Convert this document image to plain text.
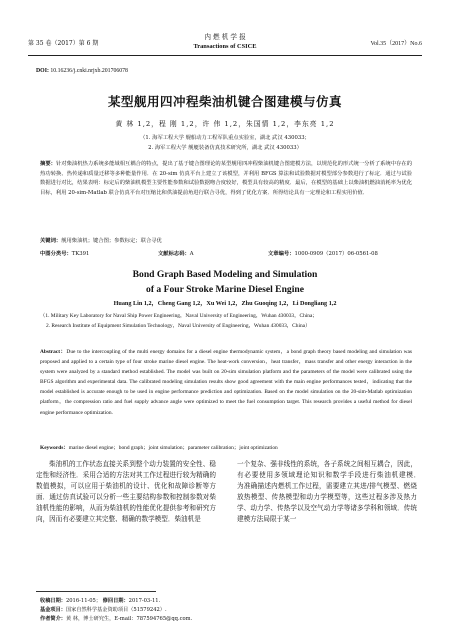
第 35 卷（2017）第 6 期
内 燃 机 学 报
Transactions of CSICE	Vol.35（2017）No.6
DOI: 10.16236/j.cnki.nrjxb.201706078
某型舰用四冲程柴油机键合图建模与仿真
黄 林 1,2，程 刚 1,2，许 伟 1,2，朱国情 1,2，李东亮 1,2
（1. 海军工程大学 舰船动力工程军队重点实验室，湖北 武汉 430033；
2. 海军工程大学 舰艇装备仿真技术研究所，湖北 武汉 430033）
摘要：针对柴油机热力系统多能域相互耦合的特点，提出了基于键合图理论的某型舰用四冲程柴油机键合图建模方法，以规范化的形式统一分析了系统中存在的热功转换、热传递和质量迁移等多种能量作用．在 20-sim 仿真平台上建立了该模型，并利用 BFGS 算法和试验数据对模型部分参数进行了标定．通过与试验数据进行对比，结果表明：标定后的柴油机模型主要性能参数和试验数据吻合度较好，模型具有较高的精度．最后，在模型的基础上以柴油机燃油消耗率为优化目标，利用 20-sim-Matlab 联合仿真平台对压缩比和供油提前角进行联合寻优，得到了优化方案．所得结论具有一定理论和工程实用价值．
关键词：舰用柴油机；键合图；参数标定；联合寻优
中图分类号：TK391	文献标志码：A	文章编号：1000-0909（2017）06-0561-08
Bond Graph Based Modeling and Simulation
of a Four Stroke Marine Diesel Engine
Huang Lin 1,2，Cheng Gang 1,2，Xu Wei 1,2，Zhu Guoqing 1,2，Li Dongliang 1,2
（1. Military Key Laboratory for Naval Ship Power Engineering，Naval University of Engineering，Wuhan 430033，China；
2. Research Institute of Equipment Simulation Technology，Naval University of Engineering，Wuhan 430033，China）
Abstract：Due to the intercoupling of the multi energy domains for a diesel engine thermodynamic system，a bond graph theory based modeling and simulation was proposed and applied to a certain type of four stroke marine diesel engine. The heat-work conversion，heat transfer，mass transfer and other energy interaction in the system were analyzed by a standard method established. The model was built on 20-sim simulation platform and the parameters of the model were calibrated using the BFGS algorithm and experimental data. The calibrated modeling simulation results show good agreement with the main engine performances tested，indicating that the model established is accurate enough to be used in engine performance prediction and optimization. Based on the model simulation on the 20-sim-Matlab optimization platform，the compression ratio and fuel supply advance angle were optimized to meet the fuel consumption target. This research provides a useful method for diesel engine performance optimization.
Keywords：marine diesel engine；bond graph；joint simulation；parameter calibration；joint optimization
柴油机的工作状态直接关系到整个动力装置的安全性、稳定性和经济性．采用合适的方法对其工作过程进行较为精确的数值模拟，可以应用于柴油机的设计、优化和故障诊断等方面．通过仿真试验可以分析一些主要结构参数和控制参数对柴油机性能的影响，从而为柴油机的性能优化提供参考和研究方向，因而有必要建立其完整、精确的数学模型．柴油机是
一个复杂、强非线性的系统，各子系统之间相互耦合，因此，有必要使用多领域理论知识和数学手段进行柴油机建模．　　为准确描述内燃机工作过程，需要建立其进/排气模型、燃烧放热模型、传热模型和动力学模型等，这些过程多涉及热力学、动力学、传热学以及空气动力学等诸多学科和领域．传统建模方法局限于某一
收稿日期：2016-11-05； 修回日期：2017-03-11.
基金项目：国家自然科学基金资助项目（51579242）.
作者简介：黄 林，博士研究生，E-mail：787594765@qq.com.
